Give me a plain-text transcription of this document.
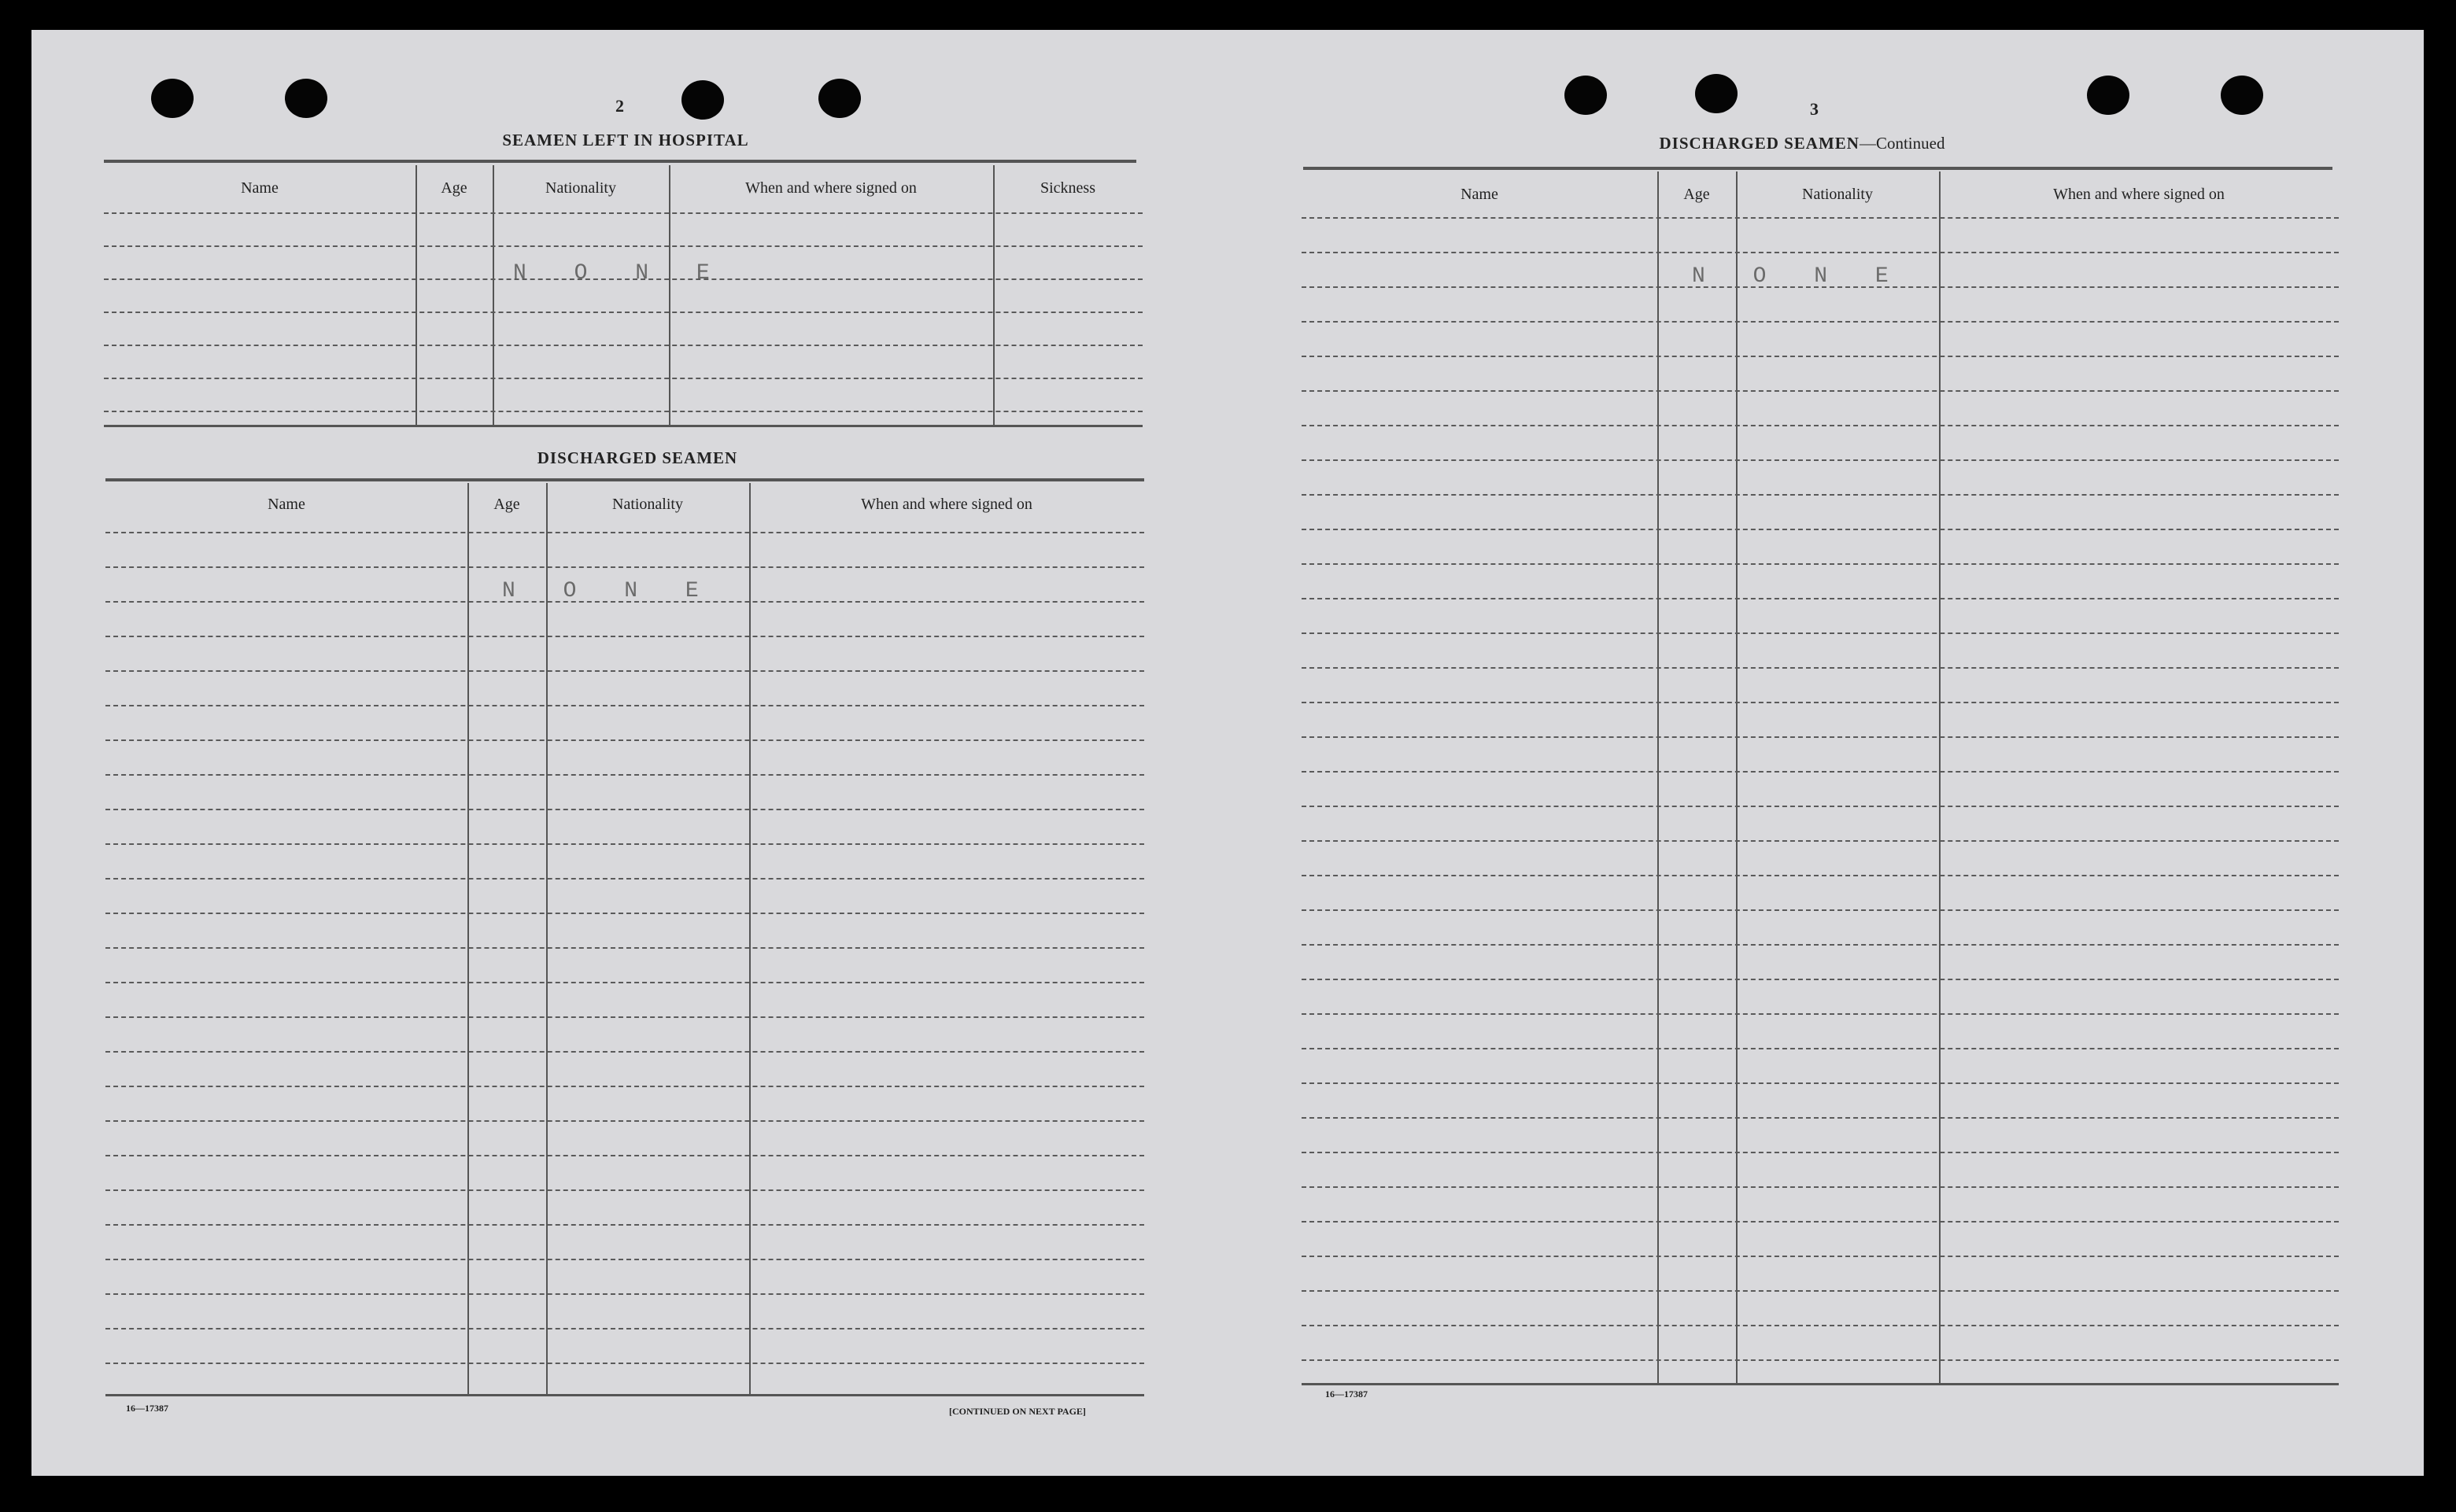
2
SEAMEN LEFT IN HOSPITAL
Name	Age	Nationality	When and where signed on	Sickness
N O N E
DISCHARGED SEAMEN
Name	Age	Nationality	When and where signed on
N O N E
16—17387	[CONTINUED ON NEXT PAGE]
3
DISCHARGED SEAMEN—Continued
Name	Age	Nationality	When and where signed on
N O N E
16—17387
